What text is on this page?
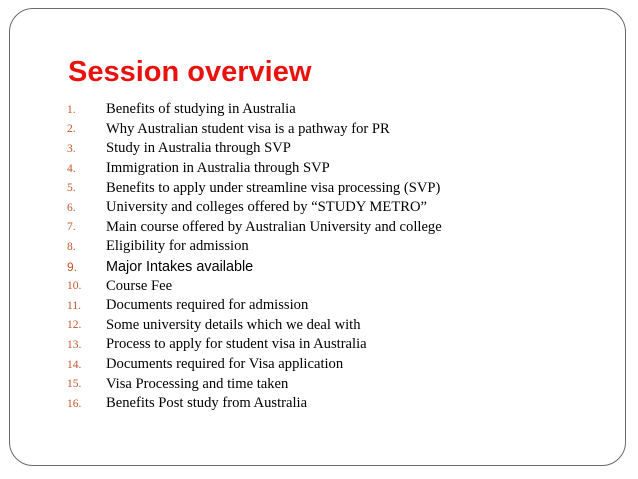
Session overview
1.	Benefits of studying in Australia
2.	Why Australian student visa is a pathway for PR
3.	Study in Australia through SVP
4.	Immigration in Australia through SVP
5.	Benefits to apply under streamline visa processing (SVP)
6.	University and colleges offered by “STUDY METRO”
7.	Main course offered by Australian University and college
8.	Eligibility for admission
9.	Major Intakes available
10.	Course Fee
11.	Documents required for admission
12.	Some university details which we deal with
13.	Process to apply for student visa in Australia
14.	Documents required for Visa application
15.	Visa Processing and time taken
16.	Benefits Post study from Australia
